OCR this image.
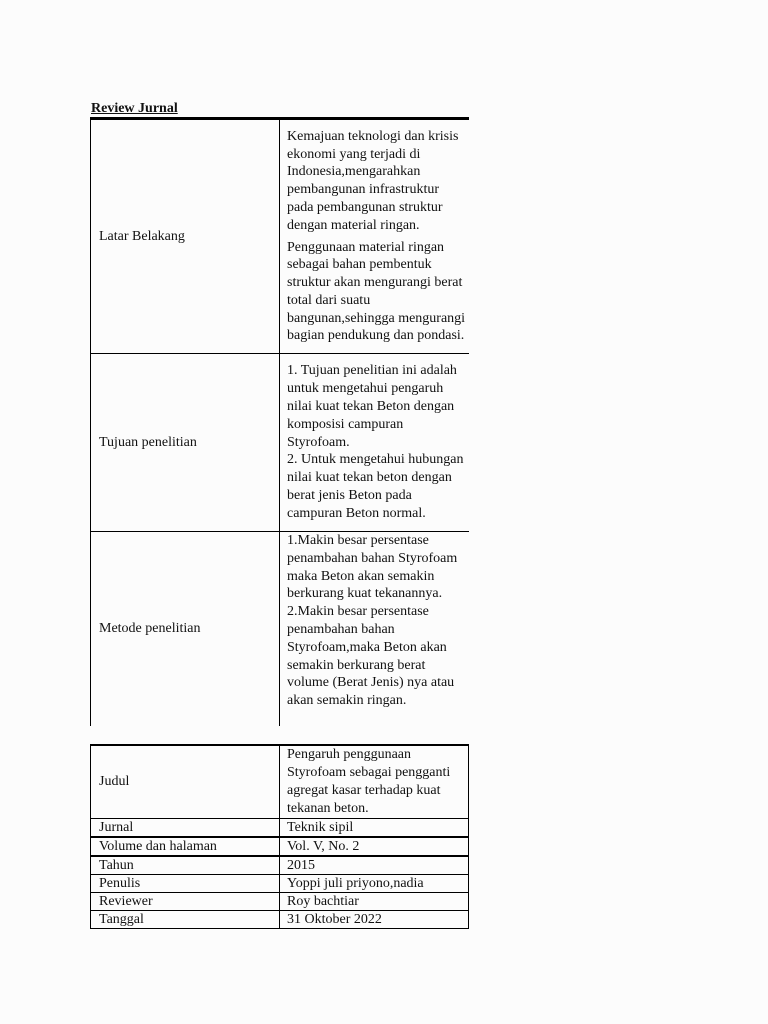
Review Jurnal
Latar Belakang	Kemajuan teknologi dan krisis ekonomi yang terjadi di Indonesia,mengarahkan pembangunan infrastruktur pada pembangunan struktur dengan material ringan.
Penggunaan material ringan sebagai bahan pembentuk struktur akan mengurangi berat total dari suatu bangunan,sehingga mengurangi bagian pendukung dan pondasi.

Tujuan penelitian	1. Tujuan penelitian ini adalah untuk mengetahui pengaruh nilai kuat tekan Beton dengan komposisi campuran Styrofoam.
2. Untuk mengetahui hubungan nilai kuat tekan beton dengan berat jenis Beton pada campuran Beton normal.

Metode penelitian	1.Makin besar persentase penambahan bahan Styrofoam maka Beton akan semakin berkurang kuat tekanannya.
2.Makin besar persentase penambahan bahan Styrofoam,maka Beton akan semakin berkurang berat volume (Berat Jenis) nya atau akan semakin ringan.
Judul	Pengaruh penggunaan Styrofoam sebagai pengganti agregat kasar terhadap kuat tekanan beton.
Jurnal	Teknik sipil
Volume dan halaman	Vol. V, No. 2
Tahun	2015
Penulis	Yoppi juli priyono,nadia
Reviewer	Roy bachtiar
Tanggal	31 Oktober 2022
